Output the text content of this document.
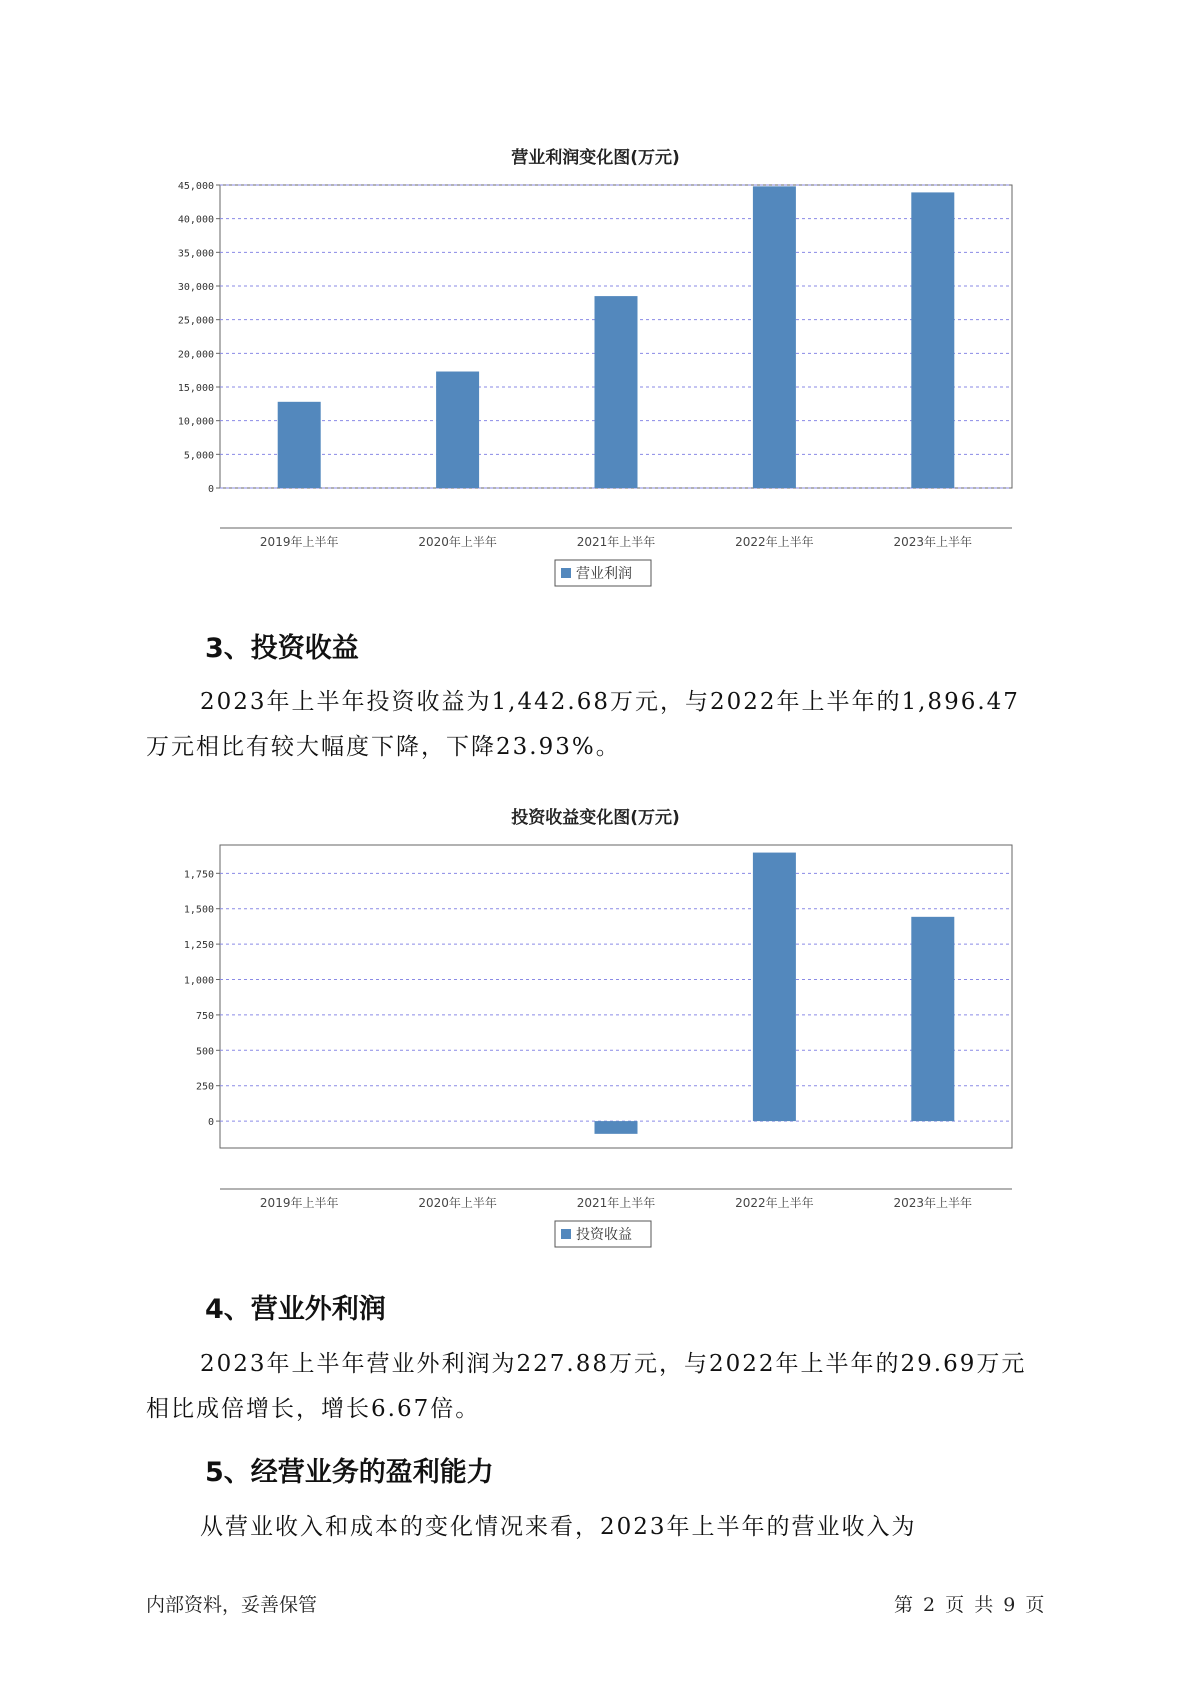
营业利润变化图(万元)
0
5,000
10,000
15,000
20,000
25,000
30,000
35,000
40,000
45,000
2019年上半年	2020年上半年	2021年上半年	2022年上半年	2023年上半年
营业利润
3、投资收益
2023年上半年投资收益为1,442.68万元，与2022年上半年的1,896.47
万元相比有较大幅度下降，下降23.93%。
投资收益变化图(万元)
0
250
500
750
1,000
1,250
1,500
1,750
2019年上半年	2020年上半年	2021年上半年	2022年上半年	2023年上半年
投资收益
4、营业外利润
2023年上半年营业外利润为227.88万元，与2022年上半年的29.69万元
相比成倍增长，增长6.67倍。
5、经营业务的盈利能力
从营业收入和成本的变化情况来看，2023年上半年的营业收入为
内部资料，妥善保管	第 2 页 共 9 页
